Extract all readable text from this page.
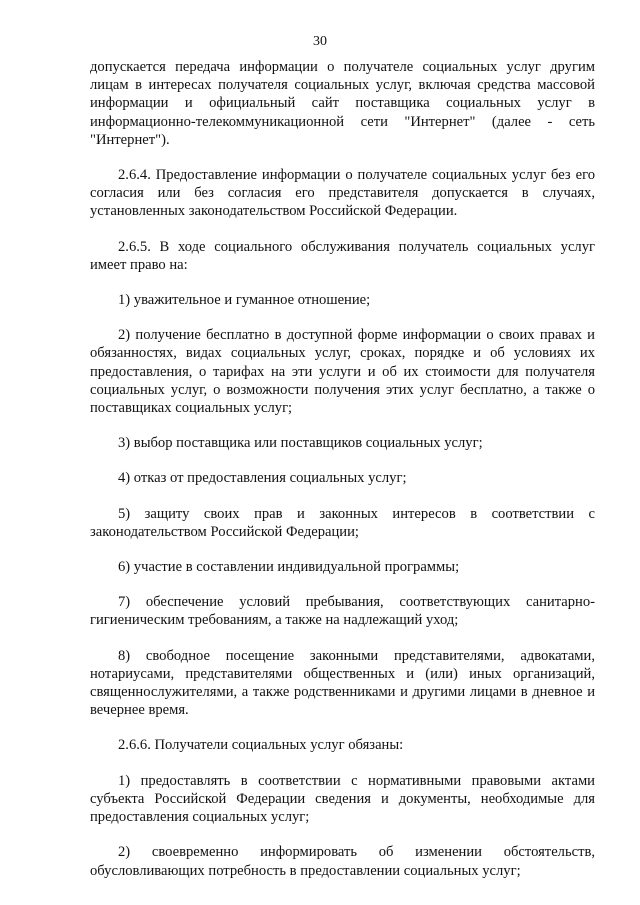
30

допускается передача информации о получателе социальных услуг другим лицам в интересах получателя социальных услуг, включая средства массовой информации и официальный сайт поставщика социальных услуг в информационно-телекоммуникационной сети "Интернет" (далее - сеть "Интернет").

2.6.4. Предоставление информации о получателе социальных услуг без его согласия или без согласия его представителя допускается в случаях, установленных законодательством Российской Федерации.

2.6.5. В ходе социального обслуживания получатель социальных услуг имеет право на:

1) уважительное и гуманное отношение;

2) получение бесплатно в доступной форме информации о своих правах и обязанностях, видах социальных услуг, сроках, порядке и об условиях их предоставления, о тарифах на эти услуги и об их стоимости для получателя социальных услуг, о возможности получения этих услуг бесплатно, а также о поставщиках социальных услуг;

3) выбор поставщика или поставщиков социальных услуг;

4) отказ от предоставления социальных услуг;

5) защиту своих прав и законных интересов в соответствии с законодательством Российской Федерации;

6) участие в составлении индивидуальной программы;

7) обеспечение условий пребывания, соответствующих санитарно-гигиеническим требованиям, а также на надлежащий уход;

8) свободное посещение законными представителями, адвокатами, нотариусами, представителями общественных и (или) иных организаций, священнослужителями, а также родственниками и другими лицами в дневное и вечернее время.

2.6.6. Получатели социальных услуг обязаны:

1) предоставлять в соответствии с нормативными правовыми актами субъекта Российской Федерации сведения и документы, необходимые для предоставления социальных услуг;

2) своевременно информировать об изменении обстоятельств, обусловливающих потребность в предоставлении социальных услуг;
